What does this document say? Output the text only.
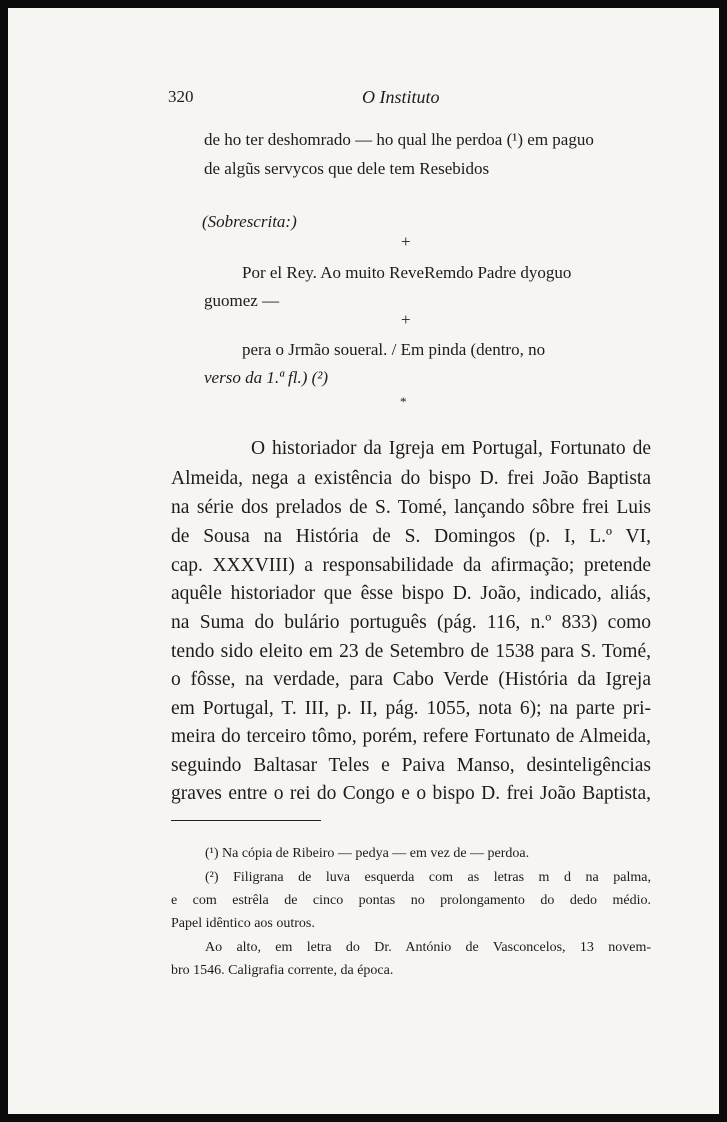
320	O Instituto
de ho ter deshomrado — ho qual lhe perdoa (¹) em paguo
de algũs servycos que dele tem Resebidos
(Sobrescrita:)
+
Por el Rey. Ao muito ReveRemdo Padre dyoguo
guomez —
+
pera o Jrmão soueral. / Em pinda (dentro, no
verso da 1.ª fl.) (²)
*
O historiador da Igreja em Portugal, Fortunato de
Almeida, nega a existência do bispo D. frei João Baptista
na série dos prelados de S. Tomé, lançando sôbre frei Luis
de Sousa na História de S. Domingos (p. I, L.º VI,
cap. XXXVIII) a responsabilidade da afirmação; pretende
aquêle historiador que êsse bispo D. João, indicado, aliás,
na Suma do bulário português (pág. 116, n.º 833) como
tendo sido eleito em 23 de Setembro de 1538 para S. Tomé,
o fôsse, na verdade, para Cabo Verde (História da Igreja
em Portugal, T. III, p. II, pág. 1055, nota 6); na parte pri-
meira do terceiro tômo, porém, refere Fortunato de Almeida,
seguindo Baltasar Teles e Paiva Manso, desinteligências
graves entre o rei do Congo e o bispo D. frei João Baptista,
(¹) Na cópia de Ribeiro — pedya — em vez de — perdoa.
(²) Filigrana de luva esquerda com as letras m d na palma,
e com estrêla de cinco pontas no prolongamento do dedo médio.
Papel idêntico aos outros.
Ao alto, em letra do Dr. António de Vasconcelos, 13 novem-
bro 1546. Caligrafia corrente, da época.
